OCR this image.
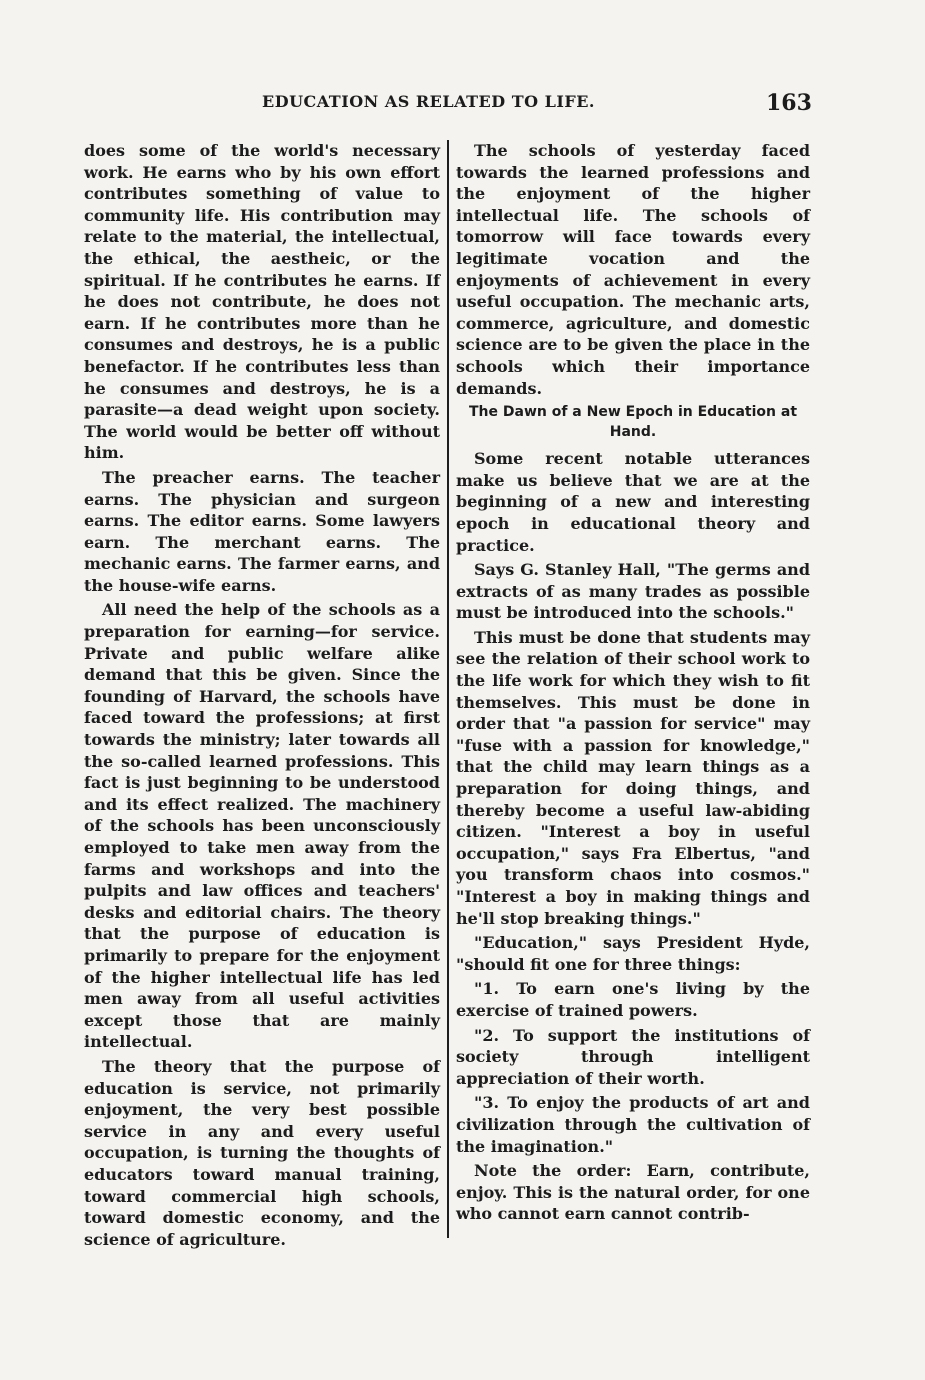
EDUCATION AS RELATED TO LIFE.	163

does some of the world's necessary work. He earns who by his own effort contributes something of value to community life. His contribution may relate to the material, the intellectual, the ethical, the aestheic, or the spiritual. If he contributes he earns. If he does not contribute, he does not earn. If he contributes more than he consumes and destroys, he is a public benefactor. If he contributes less than he consumes and destroys, he is a parasite—a dead weight upon society. The world would be better off without him.

The preacher earns. The teacher earns. The physician and surgeon earns. The editor earns. Some lawyers earn. The merchant earns. The mechanic earns. The farmer earns, and the house-wife earns.

All need the help of the schools as a preparation for earning—for service. Private and public welfare alike demand that this be given. Since the founding of Harvard, the schools have faced toward the professions; at first towards the ministry; later towards all the so-called learned professions. This fact is just beginning to be understood and its effect realized. The machinery of the schools has been unconsciously employed to take men away from the farms and workshops and into the pulpits and law offices and teachers' desks and editorial chairs. The theory that the purpose of education is primarily to prepare for the enjoyment of the higher intellectual life has led men away from all useful activities except those that are mainly intellectual.

The theory that the purpose of education is service, not primarily enjoyment, the very best possible service in any and every useful occupation, is turning the thoughts of educators toward manual training, toward commercial high schools, toward domestic economy, and the science of agriculture.

The schools of yesterday faced towards the learned professions and the enjoyment of the higher intellectual life. The schools of tomorrow will face towards every legitimate vocation and the enjoyments of achievement in every useful occupation. The mechanic arts, commerce, agriculture, and domestic science are to be given the place in the schools which their importance demands.

The Dawn of a New Epoch in Education at Hand.

Some recent notable utterances make us believe that we are at the beginning of a new and interesting epoch in educational theory and practice.

Says G. Stanley Hall, "The germs and extracts of as many trades as possible must be introduced into the schools."

This must be done that students may see the relation of their school work to the life work for which they wish to fit themselves. This must be done in order that "a passion for service" may "fuse with a passion for knowledge," that the child may learn things as a preparation for doing things, and thereby become a useful law-abiding citizen. "Interest a boy in useful occupation," says Fra Elbertus, "and you transform chaos into cosmos." "Interest a boy in making things and he'll stop breaking things."

"Education," says President Hyde, "should fit one for three things:

"1. To earn one's living by the exercise of trained powers.

"2. To support the institutions of society through intelligent appreciation of their worth.

"3. To enjoy the products of art and civilization through the cultivation of the imagination."

Note the order: Earn, contribute, enjoy. This is the natural order, for one who cannot earn cannot contrib-
